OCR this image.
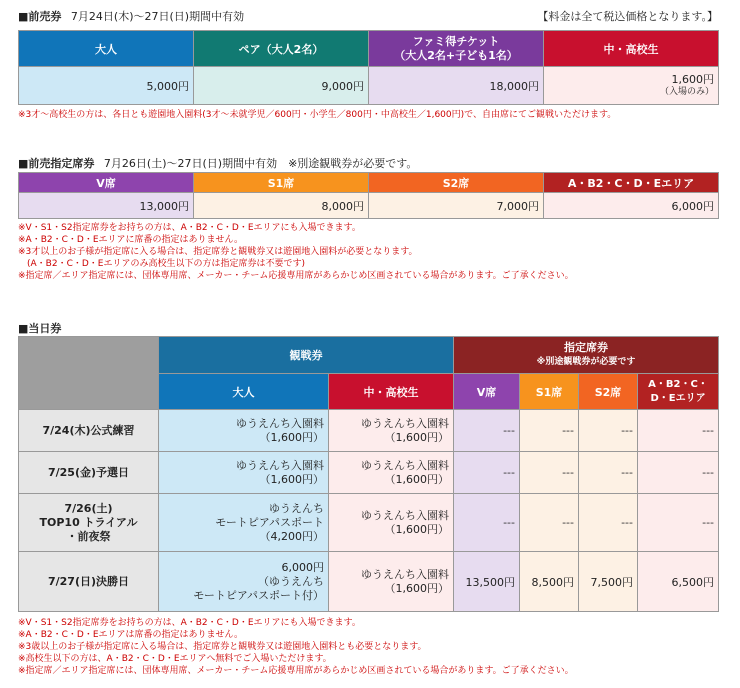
■前売券 7月24日(木)～27日(日)期間中有効	【料金は全て税込価格となります。】
大人	ペア（大人2名）	ファミ得チケット
（大人2名+子ども1名）	中・高校生
5,000円	9,000円	18,000円	1,600円
（入場のみ）
※3才～高校生の方は、各日とも遊園地入園料(3才～未就学児／600円・小学生／800円・中高校生／1,600円)で、自由席にてご観戦いただけます。
■前売指定席券 7月26日(土)～27日(日)期間中有効　※別途観戦券が必要です。
V席	S1席	S2席	A・B2・C・D・Eエリア
13,000円	8,000円	7,000円	6,000円
※V・S1・S2指定席券をお持ちの方は、A・B2・C・D・Eエリアにも入場できます。
※A・B2・C・D・Eエリアに席番の指定はありません。
※3才以上のお子様が指定席に入る場合は、指定席券と観戦券又は遊園地入園料が必要となります。
　(A・B2・C・D・Eエリアのみ高校生以下の方は指定席券は不要です)
※指定席／エリア指定席には、団体専用席、メーカー・チーム応援専用席があらかじめ区画されている場合があります。ご了承ください。
■当日券
	観戦券		指定席券
※別途観戦券が必要です			

	大人	中・高校生	V席	S1席	S2席	A・B2・C・
D・Eエリア
7/24(木)公式練習	ゆうえんち入園料
（1,600円）	ゆうえんち入園料
（1,600円）	---	---	---	---
7/25(金)予選日	ゆうえんち入園料
（1,600円）	ゆうえんち入園料
（1,600円）	---	---	---	---
7/26(土)
TOP10 トライアル
・前夜祭	ゆうえんち
モートピアパスポート
（4,200円）	ゆうえんち入園料
（1,600円）	---	---	---	---
7/27(日)決勝日	6,000円
（ゆうえんち
モートピアパスポート付）	ゆうえんち入園料
（1,600円）	13,500円	8,500円	7,500円	6,500円
※V・S1・S2指定席券をお持ちの方は、A・B2・C・D・Eエリアにも入場できます。
※A・B2・C・D・Eエリアは席番の指定はありません。
※3歳以上のお子様が指定席に入る場合は、指定席券と観戦券又は遊園地入園料とも必要となります。
※高校生以下の方は、A・B2・C・D・Eエリアへ無料でご入場いただけます。
※指定席／エリア指定席には、団体専用席、メーカー・チーム応援専用席があらかじめ区画されている場合があります。ご了承ください。
